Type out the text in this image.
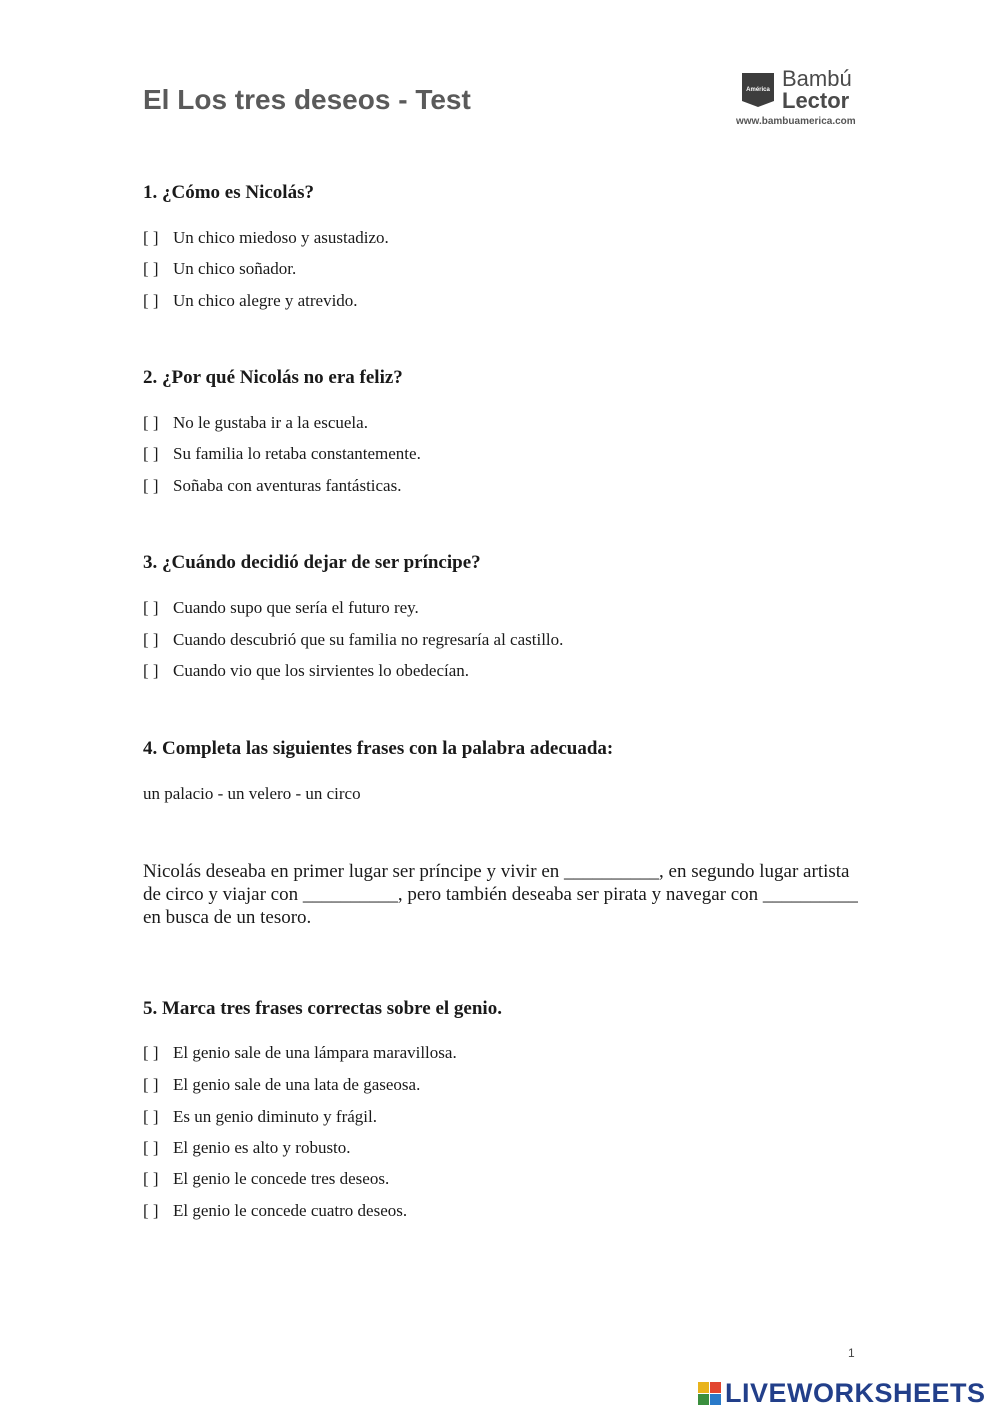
El Los tres deseos - Test	América Bambú
Lector
www.bambuamerica.com
1. ¿Cómo es Nicolás?
[ ] Un chico miedoso y asustadizo.
[ ] Un chico soñador.
[ ] Un chico alegre y atrevido.
2. ¿Por qué Nicolás no era feliz?
[ ] No le gustaba ir a la escuela.
[ ] Su familia lo retaba constantemente.
[ ] Soñaba con aventuras fantásticas.
3. ¿Cuándo decidió dejar de ser príncipe?
[ ] Cuando supo que sería el futuro rey.
[ ] Cuando descubrió que su familia no regresaría al castillo.
[ ] Cuando vio que los sirvientes lo obedecían.
4. Completa las siguientes frases con la palabra adecuada:
un palacio - un velero - un circo
Nicolás deseaba en primer lugar ser príncipe y vivir en __________, en segundo lugar artista de circo y viajar con __________, pero también deseaba ser pirata y navegar con __________ en busca de un tesoro.
5. Marca tres frases correctas sobre el genio.
[ ] El genio sale de una lámpara maravillosa.
[ ] El genio sale de una lata de gaseosa.
[ ] Es un genio diminuto y frágil.
[ ] El genio es alto y robusto.
[ ] El genio le concede tres deseos.
[ ] El genio le concede cuatro deseos.
1
LIVEWORKSHEETS
